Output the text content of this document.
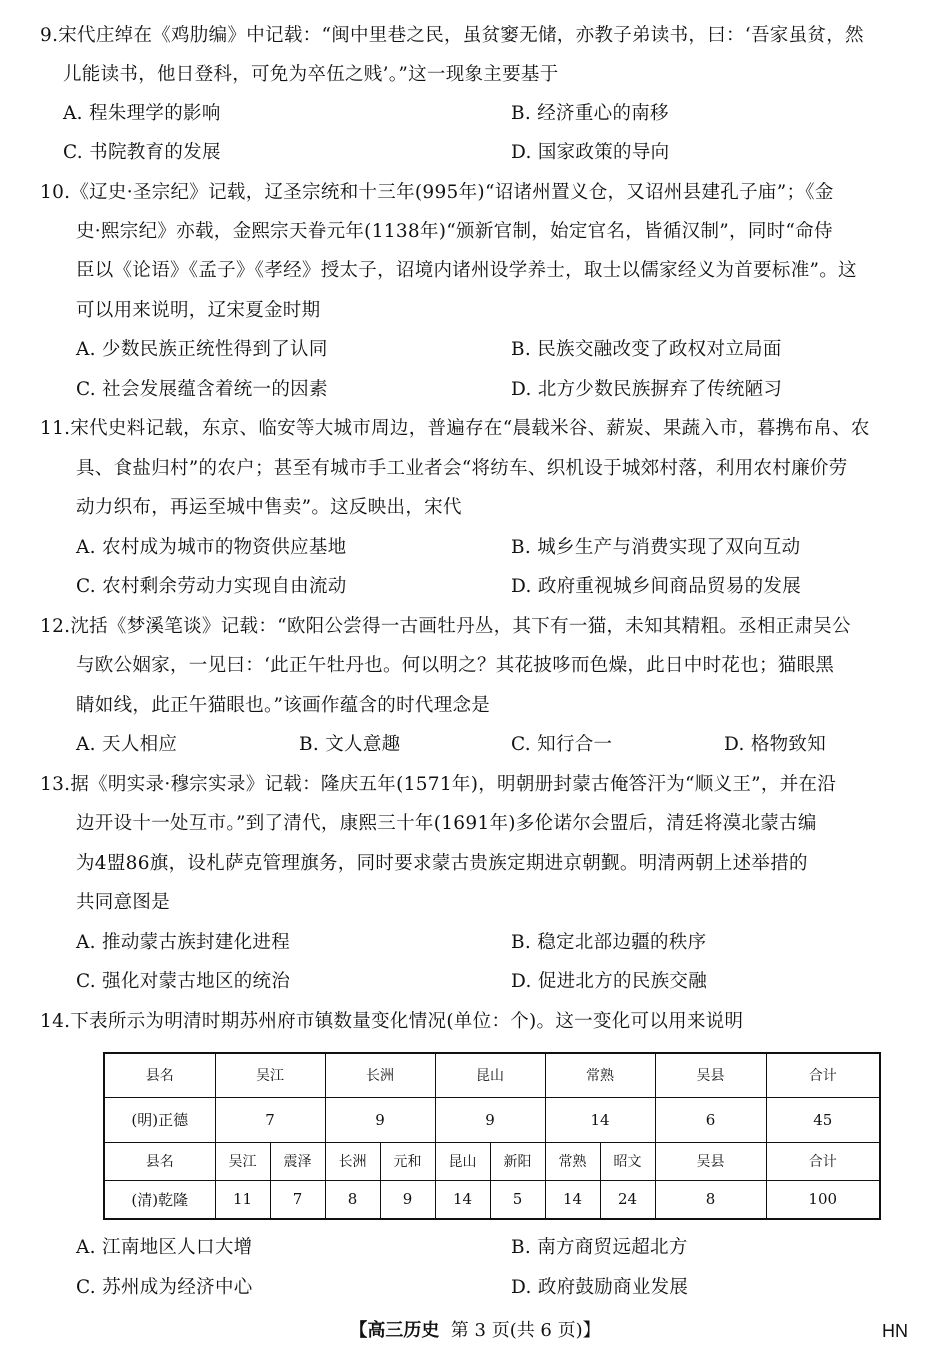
9.宋代庄绰在《鸡肋编》中记载：“闽中里巷之民，虽贫窭无储，亦教子弟读书，曰：‘吾家虽贫，然
儿能读书，他日登科，可免为卒伍之贱’。”这一现象主要基于
A. 程朱理学的影响	B. 经济重心的南移
C. 书院教育的发展	D. 国家政策的导向
10.《辽史·圣宗纪》记载，辽圣宗统和十三年(995年)“诏诸州置义仓，又诏州县建孔子庙”；《金
史·熙宗纪》亦载，金熙宗天眷元年(1138年)“颁新官制，始定官名，皆循汉制”，同时“命侍
臣以《论语》《孟子》《孝经》授太子，诏境内诸州设学养士，取士以儒家经义为首要标准”。这
可以用来说明，辽宋夏金时期
A. 少数民族正统性得到了认同	B. 民族交融改变了政权对立局面
C. 社会发展蕴含着统一的因素	D. 北方少数民族摒弃了传统陋习
11.宋代史料记载，东京、临安等大城市周边，普遍存在“晨载米谷、薪炭、果蔬入市，暮携布帛、农
具、食盐归村”的农户；甚至有城市手工业者会“将纺车、织机设于城郊村落，利用农村廉价劳
动力织布，再运至城中售卖”。这反映出，宋代
A. 农村成为城市的物资供应基地	B. 城乡生产与消费实现了双向互动
C. 农村剩余劳动力实现自由流动	D. 政府重视城乡间商品贸易的发展
12.沈括《梦溪笔谈》记载：“欧阳公尝得一古画牡丹丛，其下有一猫，未知其精粗。丞相正肃吴公
与欧公姻家，一见曰：‘此正午牡丹也。何以明之？其花披哆而色燥，此日中时花也；猫眼黑
睛如线，此正午猫眼也。”该画作蕴含的时代理念是
A. 天人相应	B. 文人意趣	C. 知行合一	D. 格物致知
13.据《明实录·穆宗实录》记载：隆庆五年(1571年)，明朝册封蒙古俺答汗为“顺义王”，并在沿
边开设十一处互市。”到了清代，康熙三十年(1691年)多伦诺尔会盟后，清廷将漠北蒙古编
为4盟86旗，设札萨克管理旗务，同时要求蒙古贵族定期进京朝觐。明清两朝上述举措的
共同意图是
A. 推动蒙古族封建化进程	B. 稳定北部边疆的秩序
C. 强化对蒙古地区的统治	D. 促进北方的民族交融
14.下表所示为明清时期苏州府市镇数量变化情况(单位：个)。这一变化可以用来说明
县名	吴江		长洲		昆山		常熟		吴县	合计
(明)正德	7		9		9		14		6	45
县名	吴江	震泽	长洲	元和	昆山	新阳	常熟	昭文	吴县	合计
(清)乾隆	11	7	8	9	14	5	14	24	8	100
A. 江南地区人口大增	B. 南方商贸远超北方
C. 苏州成为经济中心	D. 政府鼓励商业发展
【高三历史 第 3 页(共 6 页)】	HN
